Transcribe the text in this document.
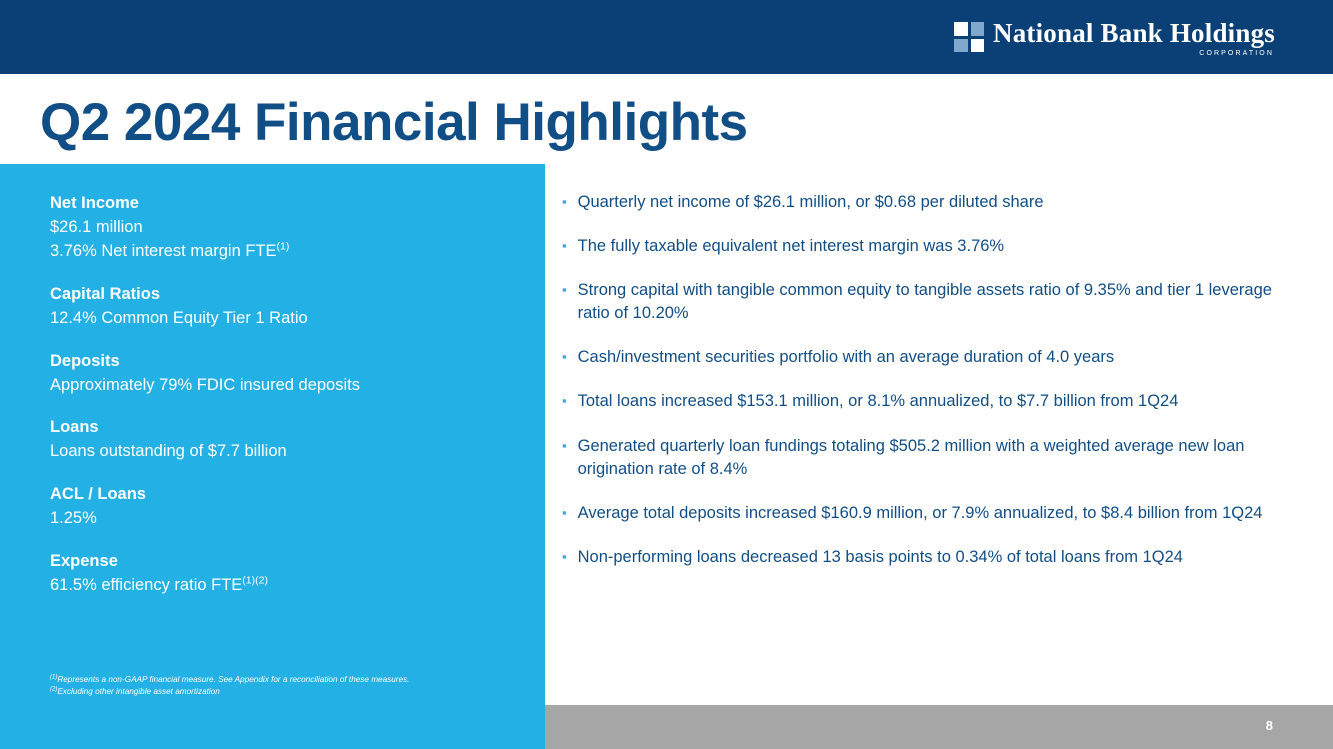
National Bank Holdings
CORPORATION
Q2 2024 Financial Highlights
Net Income
$26.1 million
3.76% Net interest margin FTE$^{(1)}$
Capital Ratios
12.4% Common Equity Tier 1 Ratio
Deposits
Approximately 79% FDIC insured deposits
Loans
Loans outstanding of $7.7 billion
ACL / Loans
1.25%
Expense
61.5% efficiency ratio $FTE^{(1)(2)}$
$^{(1)}$Represents a non-GAAP financial measure. See Appendix for a reconciliation of these measures.
$^{(2)}$Excluding other intangible asset amortization
▪ Quarterly net income of $26.1 million, or $0.68 per diluted share
▪ The fully taxable equivalent net interest margin was 3.76%
▪ Strong capital with tangible common equity to tangible assets ratio of 9.35% and tier 1 leverage ratio of 10.20%
▪ Cash/investment securities portfolio with an average duration of 4.0 years
▪ Total loans increased $153.1 million, or 8.1% annualized, to $7.7 billion from 1Q24
▪ Generated quarterly loan fundings totaling $505.2 million with a weighted average new loan origination rate of 8.4%
▪ Average total deposits increased $160.9 million, or 7.9% annualized, to $8.4 billion from 1Q24
▪ Non-performing loans decreased 13 basis points to 0.34% of total loans from 1Q24
8
